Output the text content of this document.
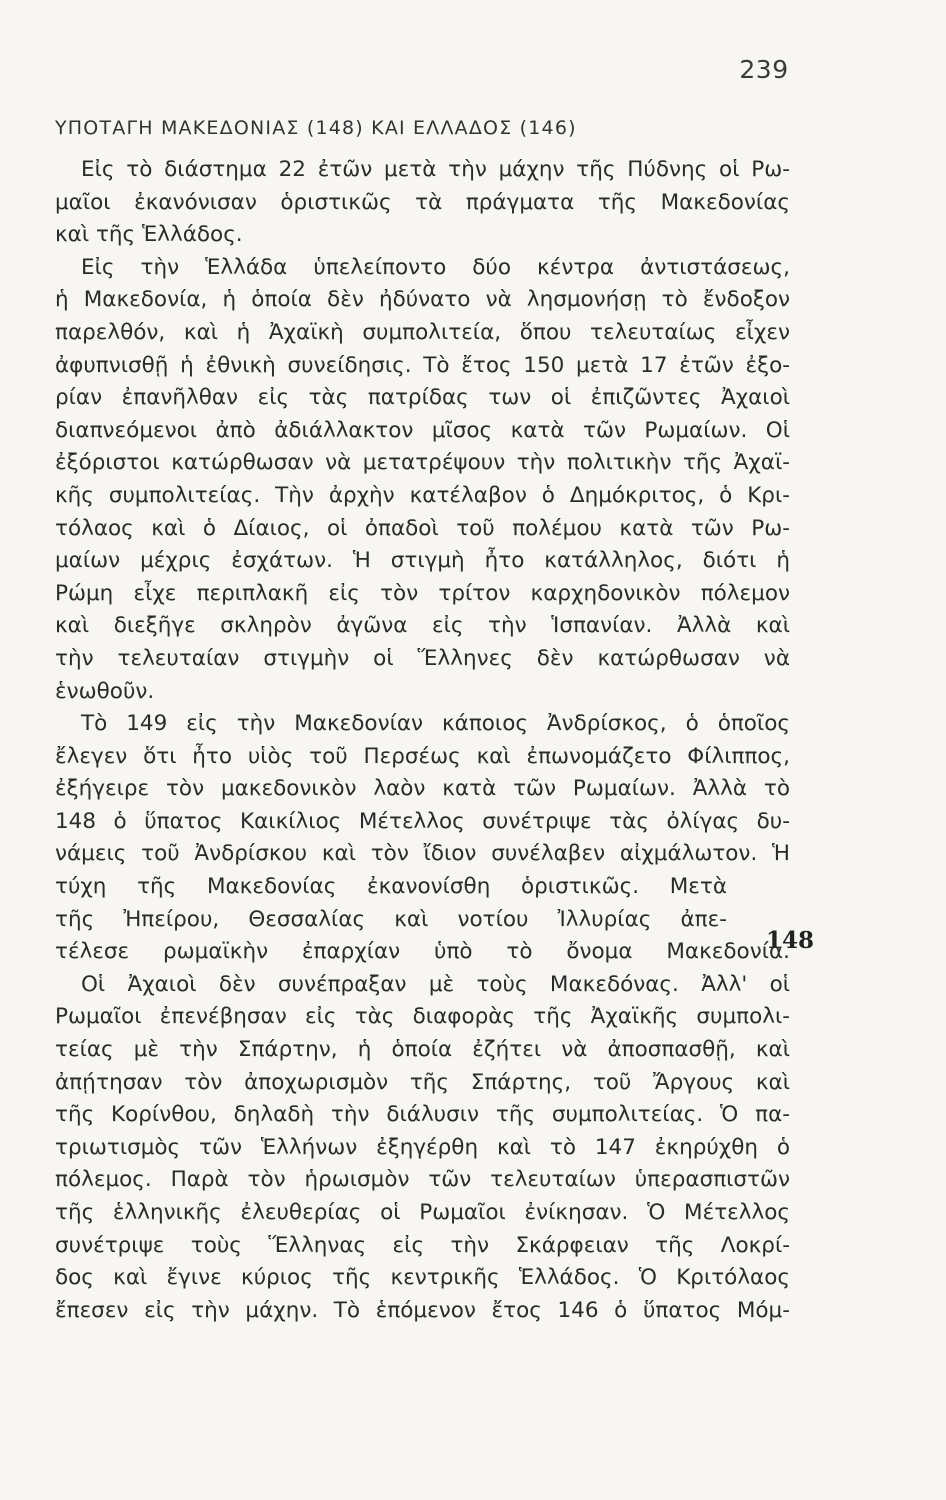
239
ΥΠΟΤΑΓΗ ΜΑΚΕΔΟΝΙΑΣ (148) ΚΑΙ ΕΛΛΑΔΟΣ (146)
148
Εἰς τὸ διάστημα 22 ἐτῶν μετὰ τὴν μάχην τῆς Πύδνης οἱ Ρω-
μαῖοι ἐκανόνισαν ὁριστικῶς τὰ πράγματα τῆς Μακεδονίας
καὶ τῆς Ἑλλάδος.
Εἰς τὴν Ἑλλάδα ὑπελείποντο δύο κέντρα ἀντιστάσεως,
ἡ Μακεδονία, ἡ ὁποία δὲν ἠδύνατο νὰ λησμονήσῃ τὸ ἔνδοξον
παρελθόν, καὶ ἡ Ἀχαϊκὴ συμπολιτεία, ὅπου τελευταίως εἶχεν
ἀφυπνισθῇ ἡ ἐθνικὴ συνείδησις. Τὸ ἔτος 150 μετὰ 17 ἐτῶν ἐξο-
ρίαν ἐπανῆλθαν εἰς τὰς πατρίδας των οἱ ἐπιζῶντες Ἀχαιοὶ
διαπνεόμενοι ἀπὸ ἀδιάλλακτον μῖσος κατὰ τῶν Ρωμαίων. Οἱ
ἐξόριστοι κατώρθωσαν νὰ μετατρέψουν τὴν πολιτικὴν τῆς Ἀχαϊ-
κῆς συμπολιτείας. Τὴν ἀρχὴν κατέλαβον ὁ Δημόκριτος, ὁ Κρι-
τόλαος καὶ ὁ Δίαιος, οἱ ὀπαδοὶ τοῦ πολέμου κατὰ τῶν Ρω-
μαίων μέχρις ἐσχάτων. Ἡ στιγμὴ ἦτο κατάλληλος, διότι ἡ
Ρώμη εἶχε περιπλακῆ εἰς τὸν τρίτον καρχηδονικὸν πόλεμον
καὶ διεξῆγε σκληρὸν ἀγῶνα εἰς τὴν Ἱσπανίαν. Ἀλλὰ καὶ
τὴν τελευταίαν στιγμὴν οἱ Ἕλληνες δὲν κατώρθωσαν νὰ
ἑνωθοῦν.
Τὸ 149 εἰς τὴν Μακεδονίαν κάποιος Ἀνδρίσκος, ὁ ὁποῖος
ἔλεγεν ὅτι ἦτο υἱὸς τοῦ Περσέως καὶ ἐπωνομάζετο Φίλιππος,
ἐξήγειρε τὸν μακεδονικὸν λαὸν κατὰ τῶν Ρωμαίων. Ἀλλὰ τὸ
148 ὁ ὕπατος Καικίλιος Μέτελλος συνέτριψε τὰς ὀλίγας δυ-
νάμεις τοῦ Ἀνδρίσκου καὶ τὸν ἴδιον συνέλαβεν αἰχμάλωτον. Ἡ
τύχη τῆς Μακεδονίας ἐκανονίσθη ὁριστικῶς. Μετὰ
τῆς Ἠπείρου, Θεσσαλίας καὶ νοτίου Ἰλλυρίας ἀπε-
τέλεσε ρωμαϊκὴν ἐπαρχίαν ὑπὸ τὸ ὄνομα Μακεδονία.
Οἱ Ἀχαιοὶ δὲν συνέπραξαν μὲ τοὺς Μακεδόνας. Ἀλλ' οἱ
Ρωμαῖοι ἐπενέβησαν εἰς τὰς διαφορὰς τῆς Ἀχαϊκῆς συμπολι-
τείας μὲ τὴν Σπάρτην, ἡ ὁποία ἐζήτει νὰ ἀποσπασθῇ, καὶ
ἀπῄτησαν τὸν ἀποχωρισμὸν τῆς Σπάρτης, τοῦ Ἄργους καὶ
τῆς Κορίνθου, δηλαδὴ τὴν διάλυσιν τῆς συμπολιτείας. Ὁ πα-
τριωτισμὸς τῶν Ἑλλήνων ἐξηγέρθη καὶ τὸ 147 ἐκηρύχθη ὁ
πόλεμος. Παρὰ τὸν ἡρωισμὸν τῶν τελευταίων ὑπερασπιστῶν
τῆς ἑλληνικῆς ἐλευθερίας οἱ Ρωμαῖοι ἐνίκησαν. Ὁ Μέτελλος
συνέτριψε τοὺς Ἕλληνας εἰς τὴν Σκάρφειαν τῆς Λοκρί-
δος καὶ ἔγινε κύριος τῆς κεντρικῆς Ἑλλάδος. Ὁ Κριτόλαος
ἔπεσεν εἰς τὴν μάχην. Τὸ ἑπόμενον ἔτος 146 ὁ ὕπατος Μόμ-
